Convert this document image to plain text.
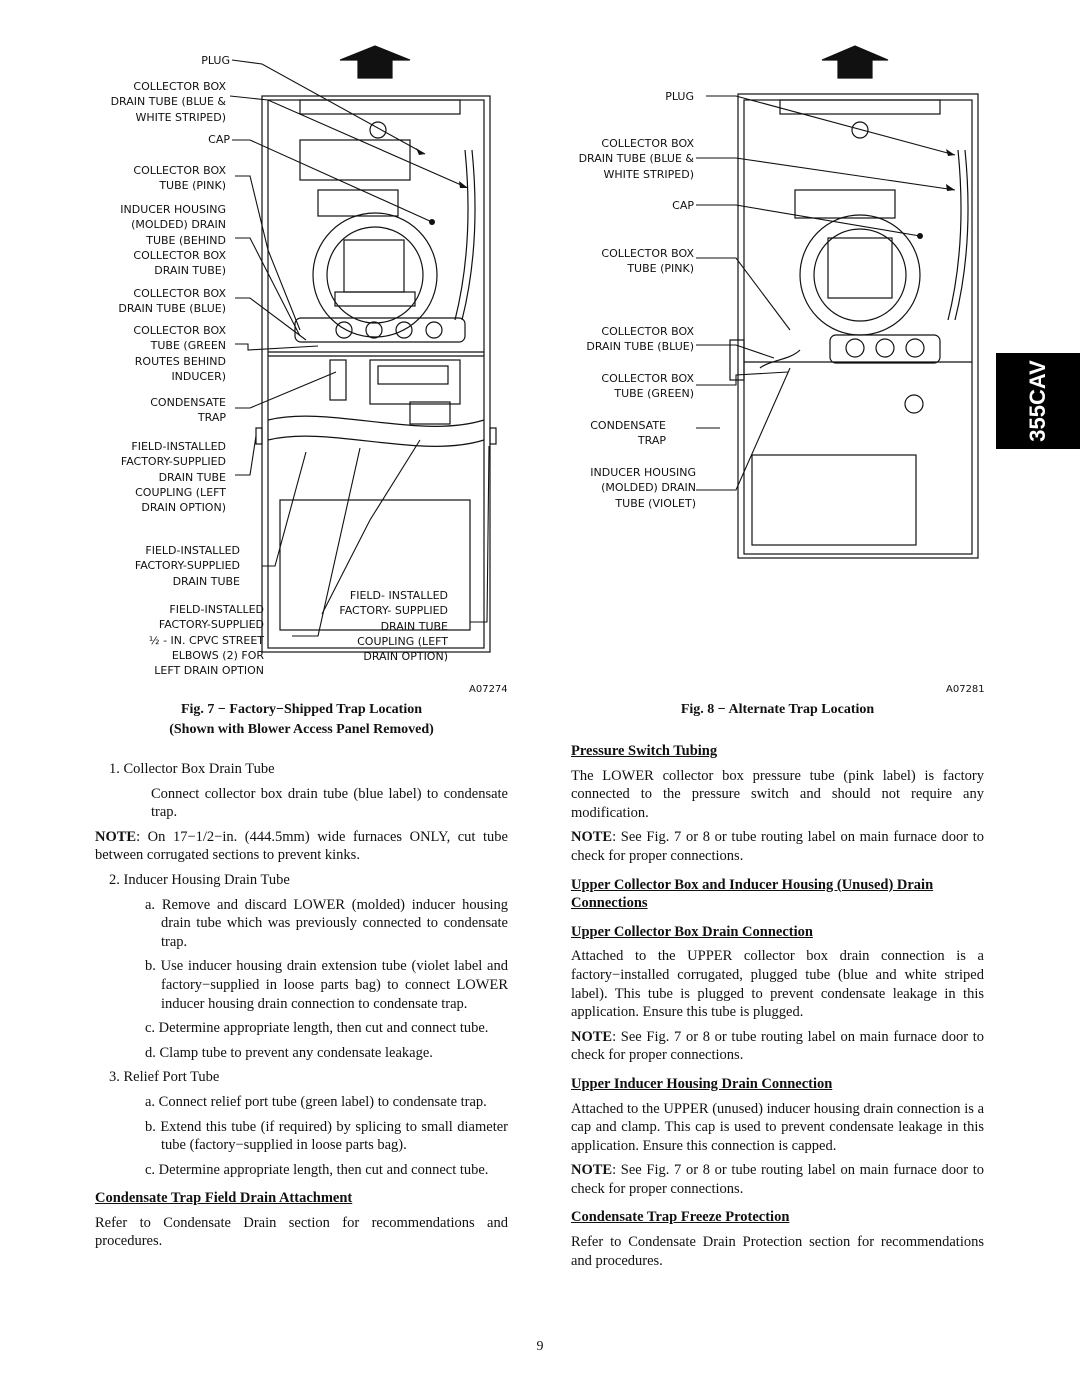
PLUG
COLLECTOR BOX
DRAIN TUBE (BLUE &
WHITE STRIPED)
CAP
COLLECTOR BOX
TUBE (PINK)
INDUCER HOUSING
(MOLDED) DRAIN
TUBE (BEHIND
COLLECTOR BOX
DRAIN TUBE)
COLLECTOR BOX
DRAIN TUBE (BLUE)
COLLECTOR BOX
TUBE (GREEN
ROUTES BEHIND
INDUCER)
CONDENSATE
TRAP
FIELD-INSTALLED
FACTORY-SUPPLIED
DRAIN TUBE
COUPLING (LEFT
DRAIN OPTION)
FIELD-INSTALLED
FACTORY-SUPPLIED
DRAIN TUBE
FIELD-INSTALLED
FACTORY-SUPPLIED
½ - IN. CPVC STREET
ELBOWS (2) FOR
LEFT DRAIN OPTION
FIELD- INSTALLED
FACTORY- SUPPLIED
DRAIN TUBE
COUPLING (LEFT
DRAIN OPTION)
A07274
Fig. 7 − Factory−Shipped Trap Location
(Shown with Blower Access Panel Removed)
PLUG
COLLECTOR BOX
DRAIN TUBE (BLUE &
WHITE STRIPED)
CAP
COLLECTOR BOX
TUBE (PINK)
COLLECTOR BOX
DRAIN TUBE (BLUE)
COLLECTOR BOX
TUBE (GREEN)
CONDENSATE
TRAP
INDUCER HOUSING
(MOLDED) DRAIN
TUBE (VIOLET)
A07281
Fig. 8 − Alternate Trap Location
355CAV

1. Collector Box Drain Tube

Connect collector box drain tube (blue label) to condensate trap.

NOTE: On 17−1/2−in. (444.5mm) wide furnaces ONLY, cut tube between corrugated sections to prevent kinks.

2. Inducer Housing Drain Tube

a. Remove and discard LOWER (molded) inducer housing drain tube which was previously connected to condensate trap.

b. Use inducer housing drain extension tube (violet label and factory−supplied in loose parts bag) to connect LOWER inducer housing drain connection to condensate trap.

c. Determine appropriate length, then cut and connect tube.

d. Clamp tube to prevent any condensate leakage.

3. Relief Port Tube

a. Connect relief port tube (green label) to condensate trap.

b. Extend this tube (if required) by splicing to small diameter tube (factory−supplied in loose parts bag).

c. Determine appropriate length, then cut and connect tube.

Condensate Trap Field Drain Attachment

Refer to Condensate Drain section for recommendations and procedures.

Pressure Switch Tubing

The LOWER collector box pressure tube (pink label) is factory connected to the pressure switch and should not require any modification.

NOTE: See Fig. 7 or 8 or tube routing label on main furnace door to check for proper connections.

Upper Collector Box and Inducer Housing (Unused) Drain Connections

Upper Collector Box Drain Connection

Attached to the UPPER collector box drain connection is a factory−installed corrugated, plugged tube (blue and white striped label). This tube is plugged to prevent condensate leakage in this application. Ensure this tube is plugged.

NOTE: See Fig. 7 or 8 or tube routing label on main furnace door to check for proper connections.

Upper Inducer Housing Drain Connection

Attached to the UPPER (unused) inducer housing drain connection is a cap and clamp. This cap is used to prevent condensate leakage in this application. Ensure this connection is capped.

NOTE: See Fig. 7 or 8 or tube routing label on main furnace door to check for proper connections.

Condensate Trap Freeze Protection

Refer to Condensate Drain Protection section for recommendations and procedures.

9
